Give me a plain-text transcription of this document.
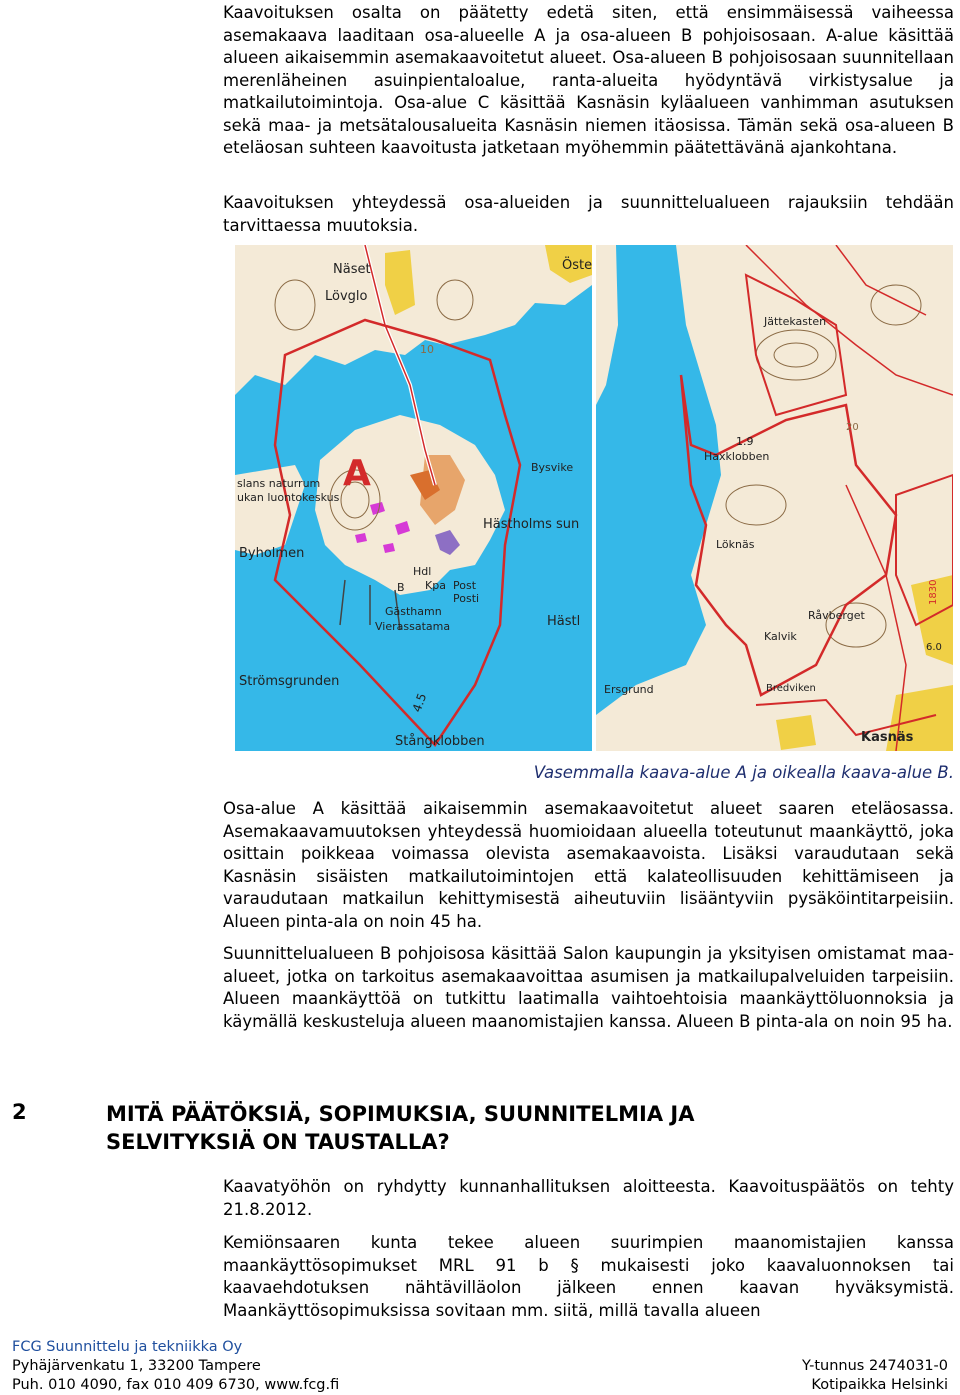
Kaavoituksen osalta on päätetty edetä siten, että ensimmäisessä vaiheessa asemakaava laaditaan osa-alueelle A ja osa-alueen B pohjoisosaan. A-alue käsittää alueen aikaisemmin asemakaavoitetut alueet. Osa-alueen B pohjoisosaan suunnitellaan merenläheinen asuinpientaloalue, ranta-alueita hyödyntävä virkistysalue ja matkailutoimintoja. Osa-alue C käsittää Kasnäsin kyläalueen vanhimman asutuksen sekä maa- ja metsätalousalueita Kasnäsin niemen itäosissa. Tämän sekä osa-alueen B eteläosan suhteen kaavoitusta jatketaan myöhemmin päätettävänä ajankohtana.

Kaavoituksen yhteydessä osa-alueiden ja suunnittelualueen rajauksiin tehdään tarvittaessa muutoksia.

A
Näset	Öste
Lövglo
10
slans naturrum
ukan luontokeskus
Byholmen
Bysvike
Hästholms sun
Hdl
Kpa Post
Posti
B
Gästhamn
Vierassatama	Hästl
Strömsgrunden
4.5
Stångklobben
Jättekasten
1.9
Haxklobben
Löknäs
Råvberget
Kalvik
Ersgrund	Bredviken
Kasnäs
6.0
1830
20
Vasemmalla kaava-alue A ja oikealla kaava-alue B.

Osa-alue A käsittää aikaisemmin asemakaavoitetut alueet saaren eteläosassa. Asemakaavamuutoksen yhteydessä huomioidaan alueella toteutunut maankäyttö, joka osittain poikkeaa voimassa olevista asemakaavoista. Lisäksi varaudutaan sekä Kasnäsin sisäisten matkailutoimintojen että kalateollisuuden kehittämiseen ja varaudutaan matkailun kehittymisestä aiheutuviin lisääntyviin pysäköintitarpeisiin. Alueen pinta-ala on noin 45 ha.

Suunnittelualueen B pohjoisosa käsittää Salon kaupungin ja yksityisen omistamat maa-alueet, jotka on tarkoitus asemakaavoittaa asumisen ja matkailupalveluiden tarpeisiin. Alueen maankäyttöä on tutkittu laatimalla vaihtoehtoisia maankäyttöluonnoksia ja käymällä keskusteluja alueen maanomistajien kanssa. Alueen B pinta-ala on noin 95 ha.

2	MITÄ PÄÄTÖKSIÄ, SOPIMUKSIA, SUUNNITELMIA JA SELVITYKSIÄ ON TAUSTALLA?

Kaavatyöhön on ryhdytty kunnanhallituksen aloitteesta. Kaavoituspäätös on tehty 21.8.2012.

Kemiönsaaren kunta tekee alueen suurimpien maanomistajien kanssa maankäyttösopimukset MRL 91 b § mukaisesti joko kaavaluonnoksen tai kaavaehdotuksen nähtävilläolon jälkeen ennen kaavan hyväksymistä. Maankäyttösopimuksissa sovitaan mm. siitä, millä tavalla alueen

FCG Suunnittelu ja tekniikka Oy
Pyhäjärvenkatu 1, 33200 Tampere	Y-tunnus 2474031-0
Puh. 010 4090, fax 010 409 6730, www.fcg.fi	Kotipaikka Helsinki
